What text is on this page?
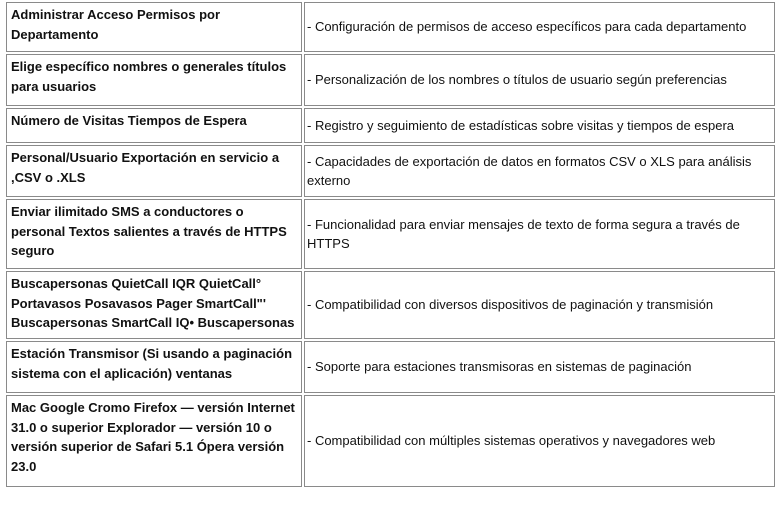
Administrar Acceso Permisos por Departamento	- Configuración de permisos de acceso específicos para cada departamento
Elige específico nombres o generales títulos para usuarios	- Personalización de los nombres o títulos de usuario según preferencias
Número de Visitas Tiempos de Espera	- Registro y seguimiento de estadísticas sobre visitas y tiempos de espera
Personal/Usuario Exportación en servicio a ,CSV o .XLS	- Capacidades de exportación de datos en formatos CSV o XLS para análisis externo
Enviar ilimitado SMS a conductores o personal Textos salientes a través de HTTPS seguro	- Funcionalidad para enviar mensajes de texto de forma segura a través de HTTPS
Buscapersonas QuietCall IQR QuietCall° Portavasos Posavasos Pager SmartCall"' Buscapersonas SmartCall IQ• Buscapersonas	- Compatibilidad con diversos dispositivos de paginación y transmisión
Estación Transmisor (Si usando a paginación sistema con el aplicación) ventanas	- Soporte para estaciones transmisoras en sistemas de paginación
Mac Google Cromo Firefox — versión Internet 31.0 o superior Explorador — versión 10 o versión superior de Safari 5.1 Ópera versión 23.0	- Compatibilidad con múltiples sistemas operativos y navegadores web
